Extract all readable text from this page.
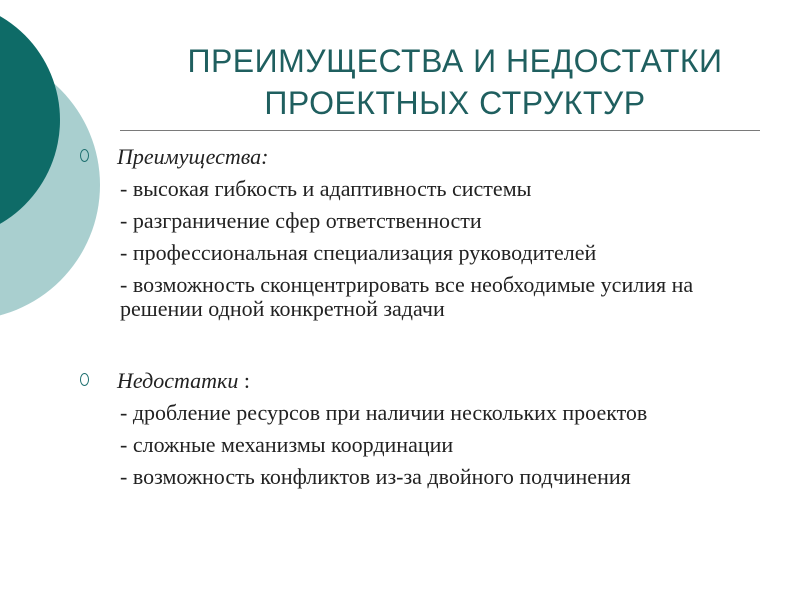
ПРЕИМУЩЕСТВА И НЕДОСТАТКИ
ПРОЕКТНЫХ СТРУКТУР
Преимущества:
- высокая гибкость и адаптивность системы
- разграничение сфер ответственности
- профессиональная специализация руководителей
- возможность сконцентрировать все необходимые усилия на решении одной конкретной задачи
Недостатки :
- дробление ресурсов при наличии нескольких проектов
- сложные механизмы координации
- возможность конфликтов из-за двойного подчинения
